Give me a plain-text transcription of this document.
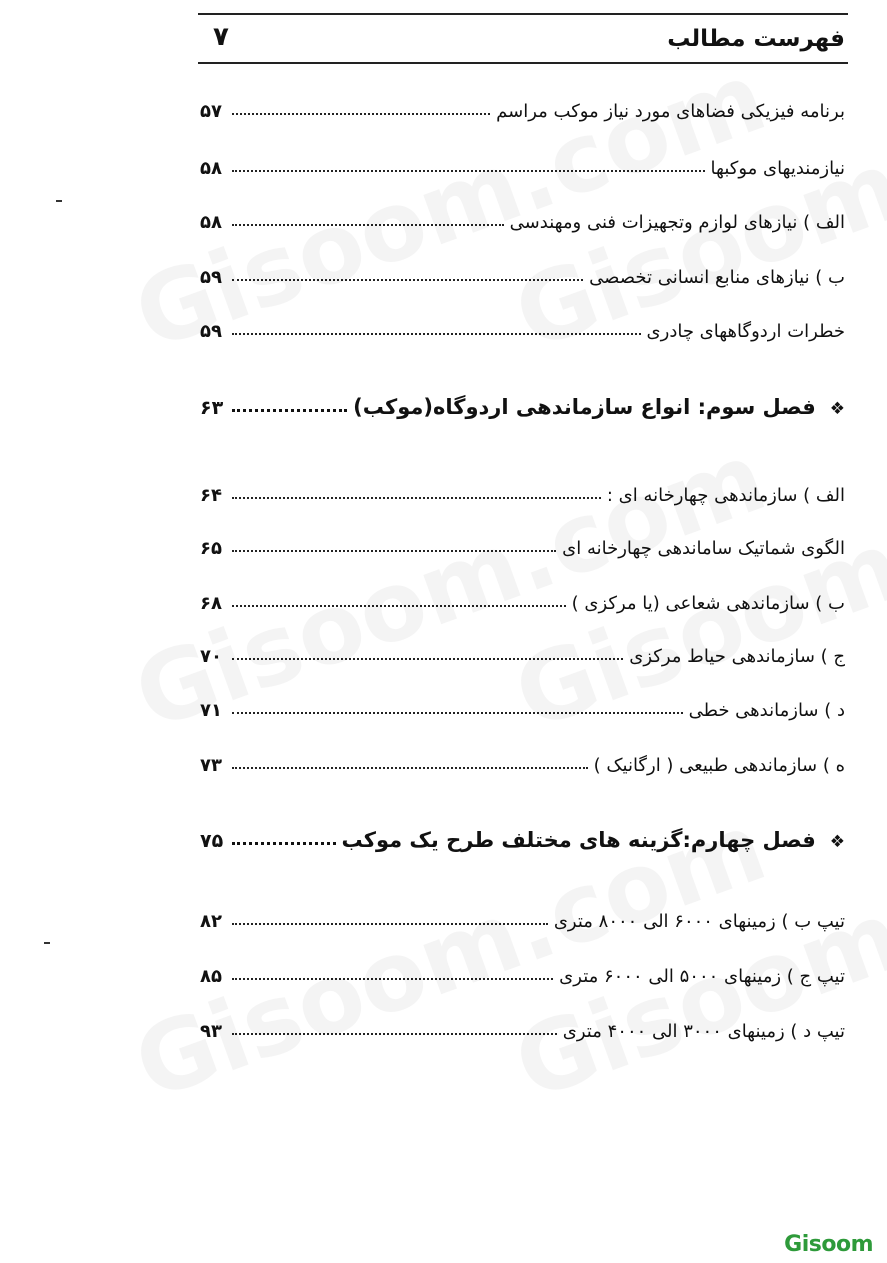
فهرست مطالب
۷
برنامه فیزیکی فضاهای مورد نیاز موکب مراسم
۵۷
نیازمندیهای موکبها
۵۸
الف ) نیازهای لوازم وتجهیزات فنی ومهندسی
۵۸
ب ) نیازهای منابع انسانی تخصصی
۵۹
خطرات اردوگاههای چادری
۵۹
❖
فصل سوم: انواع سازماندهی اردوگاه(موکب)
۶۳
الف ) سازماندهی چهارخانه ای :
۶۴
الگوی شماتیک ساماندهی چهارخانه ای
۶۵
ب ) سازماندهی شعاعی (یا مرکزی )
۶۸
ج ) سازماندهی حیاط مرکزی
۷۰
د ) سازماندهی خطی
۷۱
ه ) سازماندهی طبیعی ( ارگانیک )
۷۳
❖
فصل چهارم:گزینه های مختلف طرح یک موکب
۷۵
تیپ ب ) زمینهای ۶۰۰۰ الی ۸۰۰۰ متری
۸۲
تیپ ج ) زمینهای ۵۰۰۰ الی ۶۰۰۰ متری
۸۵
تیپ د ) زمینهای ۳۰۰۰ الی ۴۰۰۰ متری
۹۳
Gisoom
